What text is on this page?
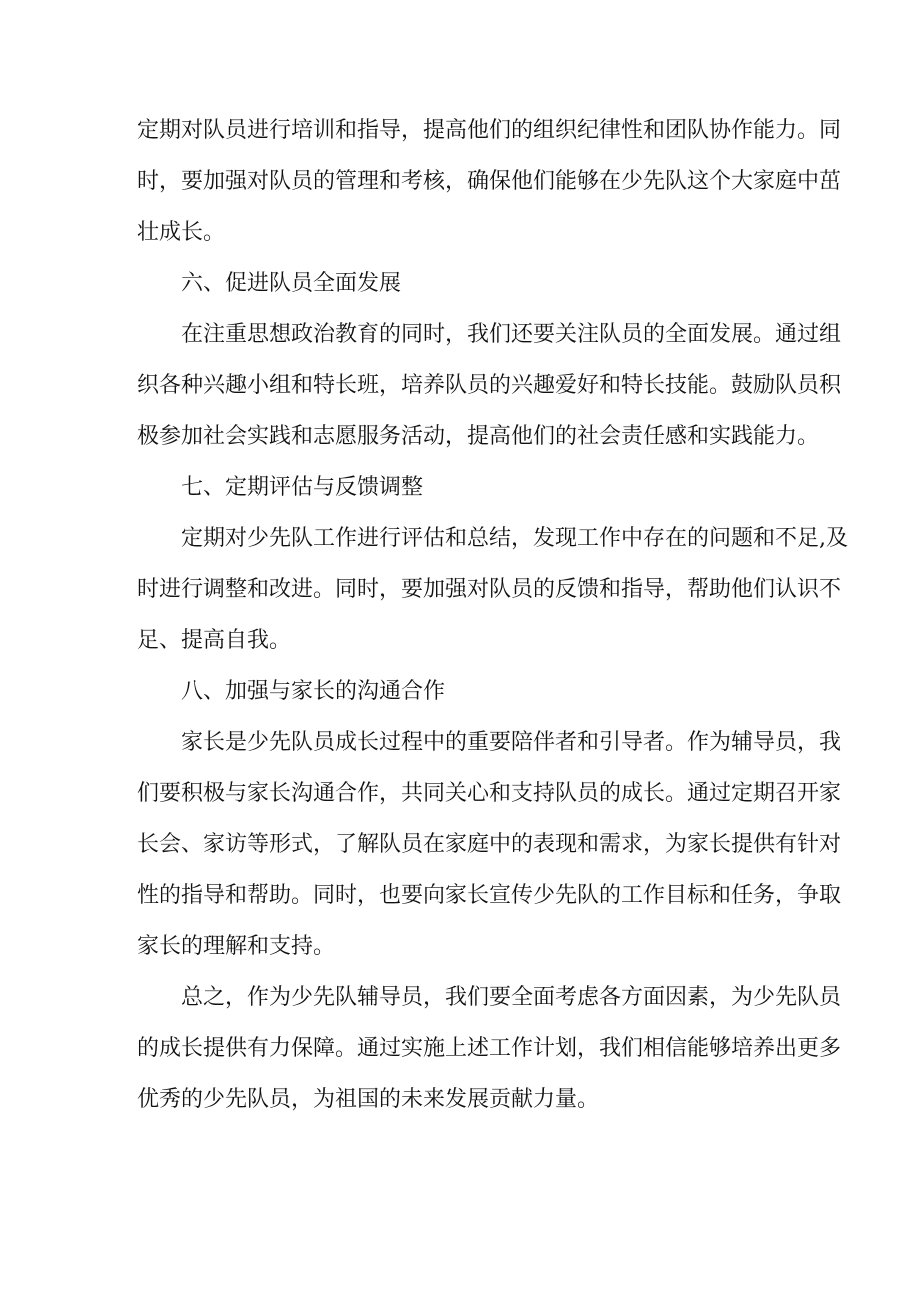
定期对队员进行培训和指导，提高他们的组织纪律性和团队协作能力。同
时，要加强对队员的管理和考核，确保他们能够在少先队这个大家庭中茁
壮成长。
六、促进队员全面发展
在注重思想政治教育的同时，我们还要关注队员的全面发展。通过组
织各种兴趣小组和特长班，培养队员的兴趣爱好和特长技能。鼓励队员积
极参加社会实践和志愿服务活动，提高他们的社会责任感和实践能力。
七、定期评估与反馈调整
定期对少先队工作进行评估和总结，发现工作中存在的问题和不足,及
时进行调整和改进。同时，要加强对队员的反馈和指导，帮助他们认识不
足、提高自我。
八、加强与家长的沟通合作
家长是少先队员成长过程中的重要陪伴者和引导者。作为辅导员，我
们要积极与家长沟通合作，共同关心和支持队员的成长。通过定期召开家
长会、家访等形式，了解队员在家庭中的表现和需求，为家长提供有针对
性的指导和帮助。同时，也要向家长宣传少先队的工作目标和任务，争取
家长的理解和支持。
总之，作为少先队辅导员，我们要全面考虑各方面因素，为少先队员
的成长提供有力保障。通过实施上述工作计划，我们相信能够培养出更多
优秀的少先队员，为祖国的未来发展贡献力量。
